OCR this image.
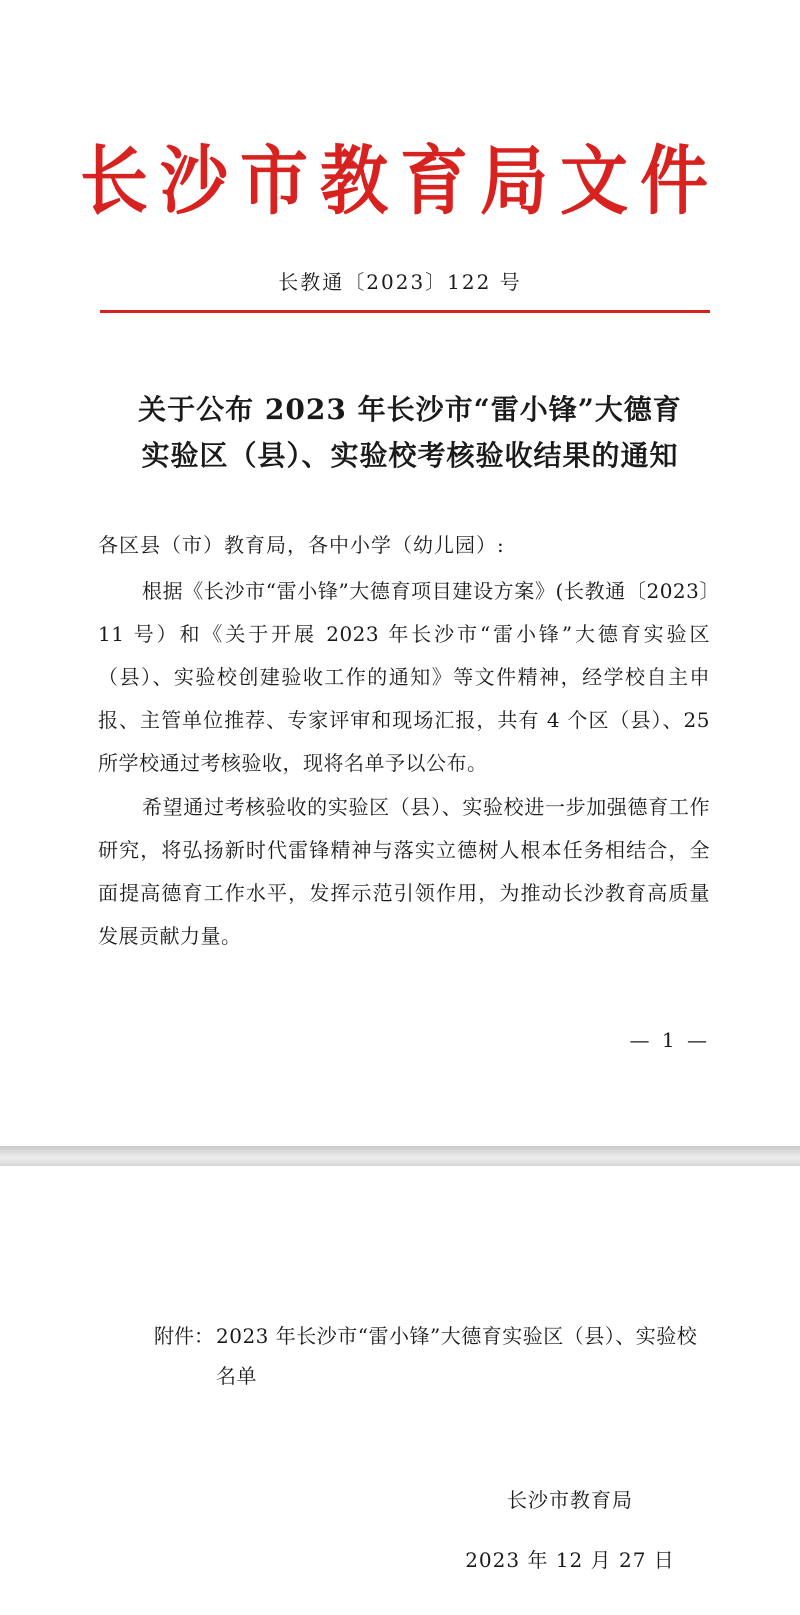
长沙市教育局文件
长教通〔2023〕122 号
关于公布 2023 年长沙市“雷小锋”大德育
实验区（县）、实验校考核验收结果的通知
各区县（市）教育局，各中小学（幼儿园）:
根据《长沙市“雷小锋”大德育项目建设方案》(长教通〔2023〕11 号）和《关于开展 2023 年长沙市“雷小锋”大德育实验区（县）、实验校创建验收工作的通知》等文件精神，经学校自主申报、主管单位推荐、专家评审和现场汇报，共有 4 个区（县）、25 所学校通过考核验收，现将名单予以公布。
希望通过考核验收的实验区（县）、实验校进一步加强德育工作研究，将弘扬新时代雷锋精神与落实立德树人根本任务相结合，全面提高德育工作水平，发挥示范引领作用，为推动长沙教育高质量发展贡献力量。
— 1 —
附件： 2023 年长沙市“雷小锋”大德育实验区（县）、实验校名单
长沙市教育局
2023 年 12 月 27 日
